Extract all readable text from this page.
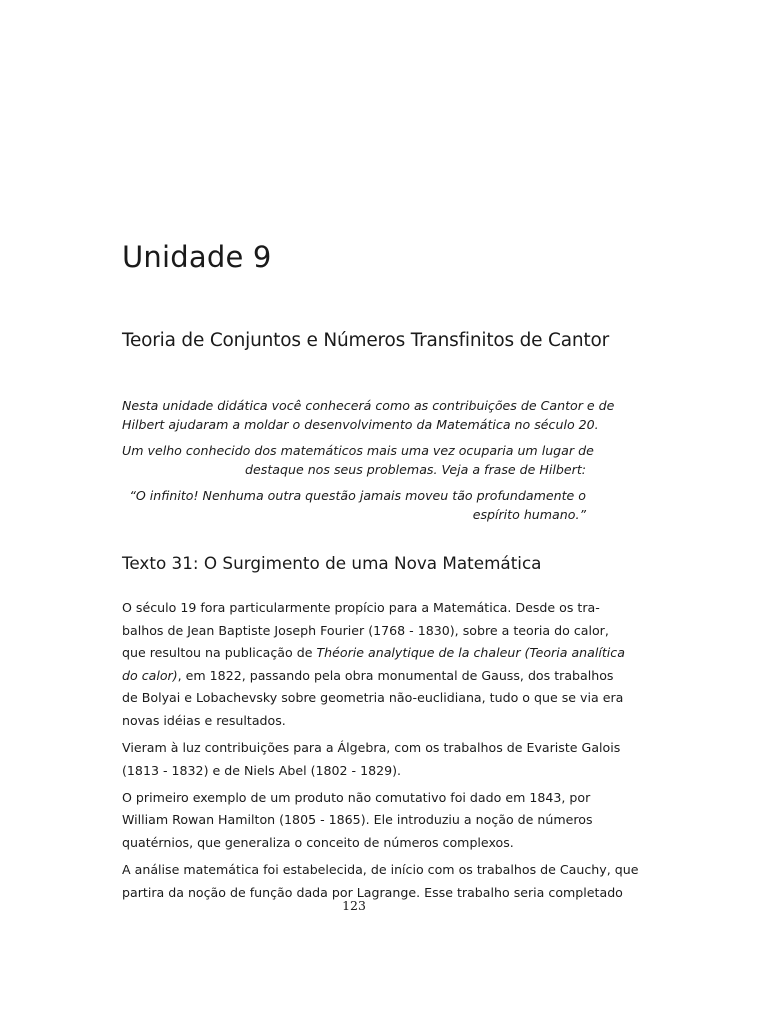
Unidade 9
Teoria de Conjuntos e Números Transfinitos de Cantor

Nesta unidade didática você conhecerá como as contribuições de Cantor e de
Hilbert ajudaram a moldar o desenvolvimento da Matemática no século 20.

Um velho conhecido dos matemáticos mais uma vez ocuparia um lugar de
destaque nos seus problemas. Veja a frase de Hilbert:

“O infinito! Nenhuma outra questão jamais moveu tão profundamente o
espírito humano.”

Texto 31: O Surgimento de uma Nova Matemática

O século 19 fora particularmente propício para a Matemática. Desde os tra-
balhos de Jean Baptiste Joseph Fourier (1768 - 1830), sobre a teoria do calor,
que resultou na publicação de Théorie analytique de la chaleur (Teoria analítica
do calor), em 1822, passando pela obra monumental de Gauss, dos trabalhos
de Bolyai e Lobachevsky sobre geometria não-euclidiana, tudo o que se via era
novas idéias e resultados.

Vieram à luz contribuições para a Álgebra, com os trabalhos de Evariste Galois
(1813 - 1832) e de Niels Abel (1802 - 1829).

O primeiro exemplo de um produto não comutativo foi dado em 1843, por
William Rowan Hamilton (1805 - 1865). Ele introduziu a noção de números
quatérnios, que generaliza o conceito de números complexos.

A análise matemática foi estabelecida, de início com os trabalhos de Cauchy, que
partira da noção de função dada por Lagrange. Esse trabalho seria completado

123
